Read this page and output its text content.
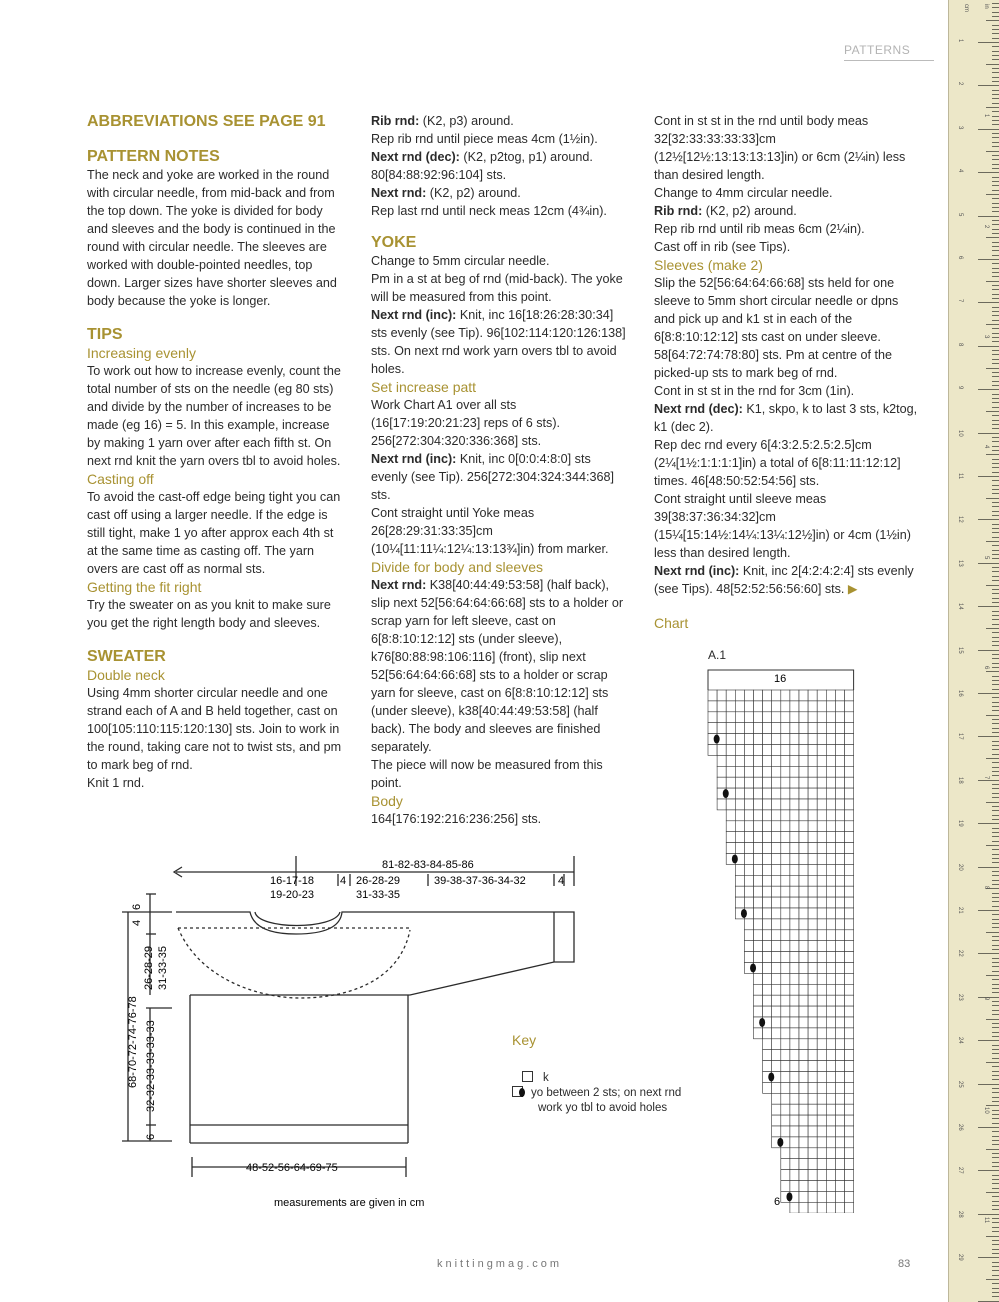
PATTERNS

ABBREVIATIONS SEE PAGE 91

PATTERN NOTES

The neck and yoke are worked in the round with circular needle, from mid-back and from the top down. The yoke is divided for body and sleeves and the body is continued in the round with circular needle. The sleeves are worked with double-pointed needles, top down. Larger sizes have shorter sleeves and body because the yoke is longer.

TIPS

Increasing evenly

To work out how to increase evenly, count the total number of sts on the needle (eg 80 sts) and divide by the number of increases to be made (eg 16) = 5. In this example, increase by making 1 yarn over after each fifth st. On next rnd knit the yarn overs tbl to avoid holes.

Casting off

To avoid the cast-off edge being tight you can cast off using a larger needle. If the edge is still tight, make 1 yo after approx each 4th st at the same time as casting off. The yarn overs are cast off as normal sts.

Getting the fit right

Try the sweater on as you knit to make sure you get the right length body and sleeves.

SWEATER

Double neck

Using 4mm shorter circular needle and one strand each of A and B held together, cast on 100[105:110:115:120:130] sts. Join to work in the round, taking care not to twist sts, and pm to mark beg of rnd.

Knit 1 rnd.

Rib rnd: (K2, p3) around.

Rep rib rnd until piece meas 4cm (1½in).

Next rnd (dec): (K2, p2tog, p1) around. 80[84:88:92:96:104] sts.

Next rnd: (K2, p2) around.

Rep last rnd until neck meas 12cm (4¾in).

YOKE

Change to 5mm circular needle.

Pm in a st at beg of rnd (mid-back). The yoke will be measured from this point.

Next rnd (inc): Knit, inc 16[18:26:28:30:34] sts evenly (see Tip). 96[102:114:120:126:138] sts. On next rnd work yarn overs tbl to avoid holes.

Set increase patt

Work Chart A1 over all sts (16[17:19:20:21:23] reps of 6 sts). 256[272:304:320:336:368] sts.

Next rnd (inc): Knit, inc 0[0:0:4:8:0] sts evenly (see Tip). 256[272:304:324:344:368] sts.

Cont straight until Yoke meas 26[28:29:31:33:35]cm (10¼[11:11¼:12¼:13:13¾]in) from marker.

Divide for body and sleeves

Next rnd: K38[40:44:49:53:58] (half back), slip next 52[56:64:64:66:68] sts to a holder or scrap yarn for left sleeve, cast on 6[8:8:10:12:12] sts (under sleeve), k76[80:88:98:106:116] (front), slip next 52[56:64:64:66:68] sts to a holder or scrap yarn for sleeve, cast on 6[8:8:10:12:12] sts (under sleeve), k38[40:44:49:53:58] (half back). The body and sleeves are finished separately.

The piece will now be measured from this point.

Body

164[176:192:216:236:256] sts.

Cont in st st in the rnd until body meas 32[32:33:33:33:33]cm (12½[12½:13:13:13:13]in) or 6cm (2¼in) less than desired length.

Change to 4mm circular needle.

Rib rnd: (K2, p2) around.

Rep rib rnd until rib meas 6cm (2¼in).

Cast off in rib (see Tips).

Sleeves (make 2)

Slip the 52[56:64:64:66:68] sts held for one sleeve to 5mm short circular needle or dpns and pick up and k1 st in each of the 6[8:8:10:12:12] sts cast on under sleeve. 58[64:72:74:78:80] sts. Pm at centre of the picked-up sts to mark beg of rnd.

Cont in st st in the rnd for 3cm (1in).

Next rnd (dec): K1, skpo, k to last 3 sts, k2tog, k1 (dec 2).

Rep dec rnd every 6[4:3:2.5:2.5:2.5]cm (2¼[1½:1:1:1:1]in) a total of 6[8:11:11:12:12] times. 46[48:50:52:54:56] sts.

Cont straight until sleeve meas 39[38:37:36:34:32]cm (15¼[15:14½:14¼:13¼:12½]in) or 4cm (1½in) less than desired length.

Next rnd (inc): Knit, inc 2[4:2:4:2:4] sts evenly (see Tips). 48[52:52:56:56:60] sts. ▶

Chart

81-82-83-84-85-86
16-17-18
19-20-23
4 26-28-29
31-33-35
39-38-37-36-34-32	4
6
4
26-28-29 31-33-35
68-70-72-74-76-78 32-32-33-33-33-33
6
48-52-56-64-69-75
measurements are given in cm
Key
k
yo between 2 sts; on next rnd
work yo tbl to avoid holes
A.1
16
6
cm in
1
2
3
4
5
6
7
8
9
10
11
12
13
14
15
16
17
18
19
20
21
22
23
24
25
26
27
28
29
1
2
3
4
5
6
7
8
9
10
11
knittingmag.com	83
